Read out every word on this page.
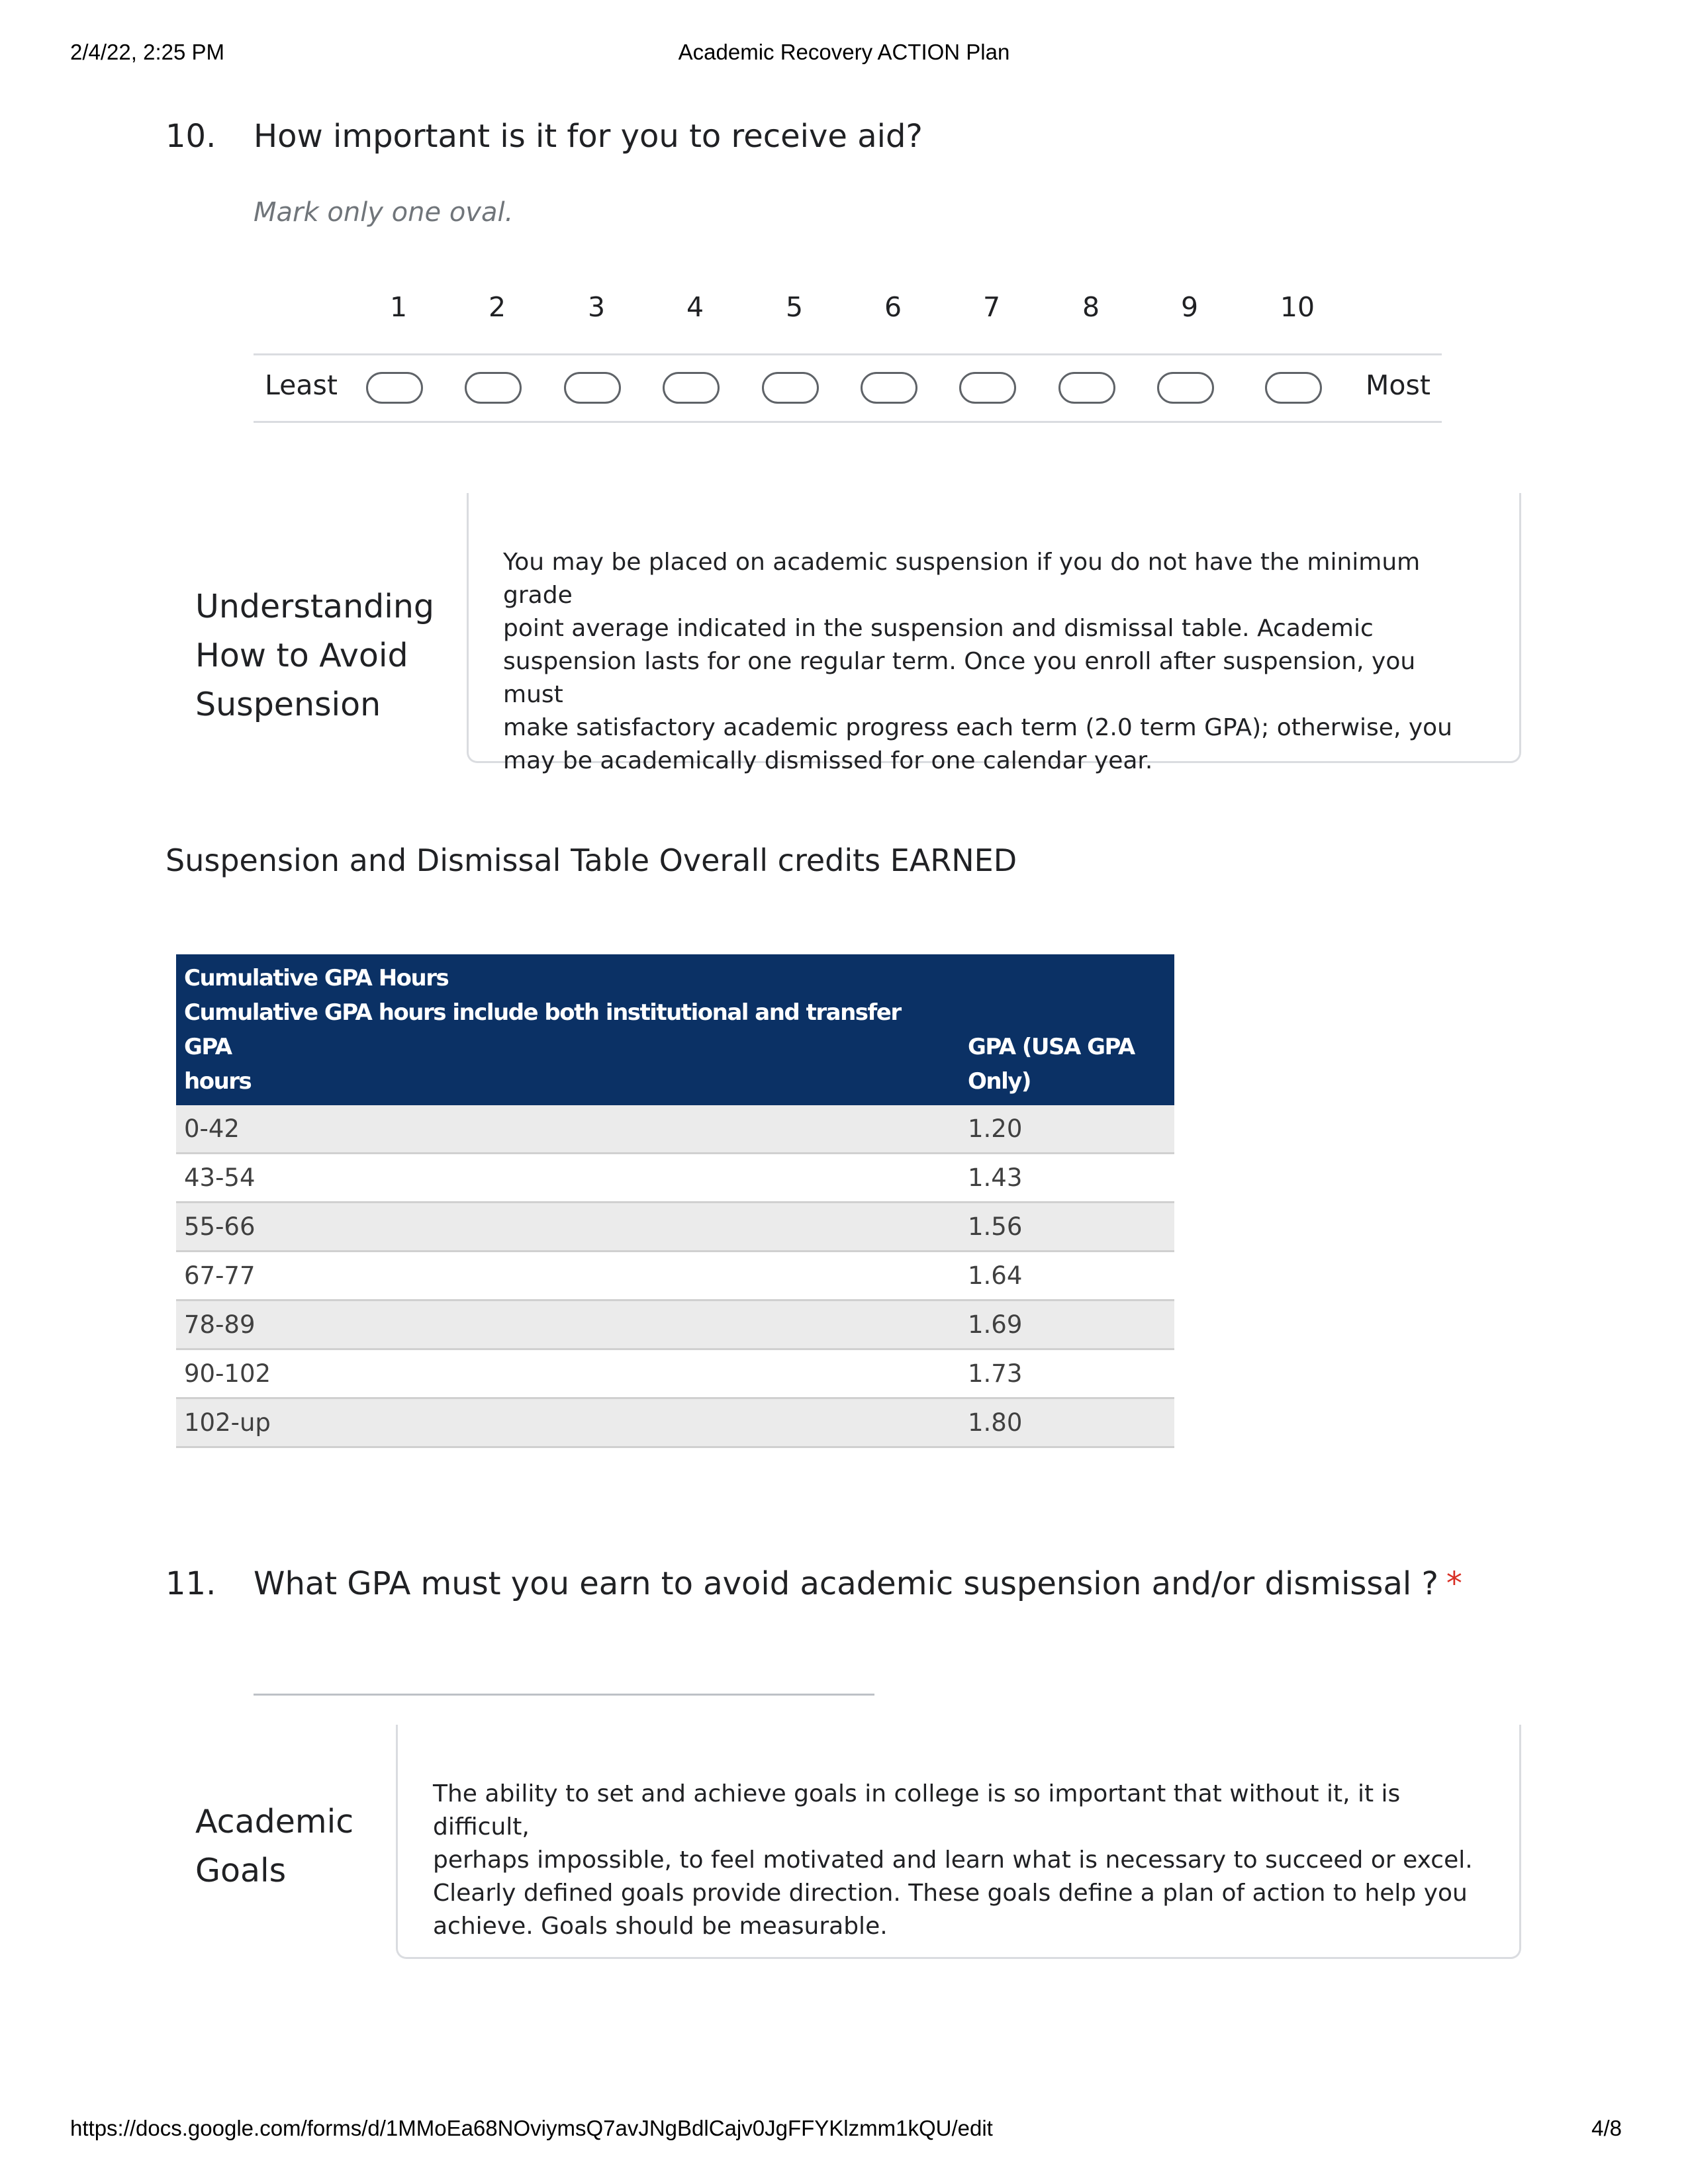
2/4/22, 2:25 PM	Academic Recovery ACTION Plan
10. How important is it for you to receive aid?
Mark only one oval.
1	2	3	4	5	6	7	8	9	10
Least	Most
Understanding
How to Avoid
Suspension
You may be placed on academic suspension if you do not have the minimum grade
point average indicated in the suspension and dismissal table. Academic
suspension lasts for one regular term. Once you enroll after suspension, you must
make satisfactory academic progress each term (2.0 term GPA); otherwise, you
may be academically dismissed for one calendar year.
Suspension and Dismissal Table Overall credits EARNED
Cumulative GPA Hours
Cumulative GPA hours include both institutional and transfer GPA
hours	GPA (USA GPA
Only)

0-42	1.20
43-54	1.43
55-66	1.56
67-77	1.64
78-89	1.69
90-102	1.73
102-up	1.80
11. What GPA must you earn to avoid academic suspension and/or dismissal ? *
Academic
Goals
The ability to set and achieve goals in college is so important that without it, it is difficult,
perhaps impossible, to feel motivated and learn what is necessary to succeed or excel.
Clearly defined goals provide direction. These goals define a plan of action to help you
achieve. Goals should be measurable.
https://docs.google.com/forms/d/1MMoEa68NOviymsQ7avJNgBdlCajv0JgFFYKlzmm1kQU/edit	4/8
